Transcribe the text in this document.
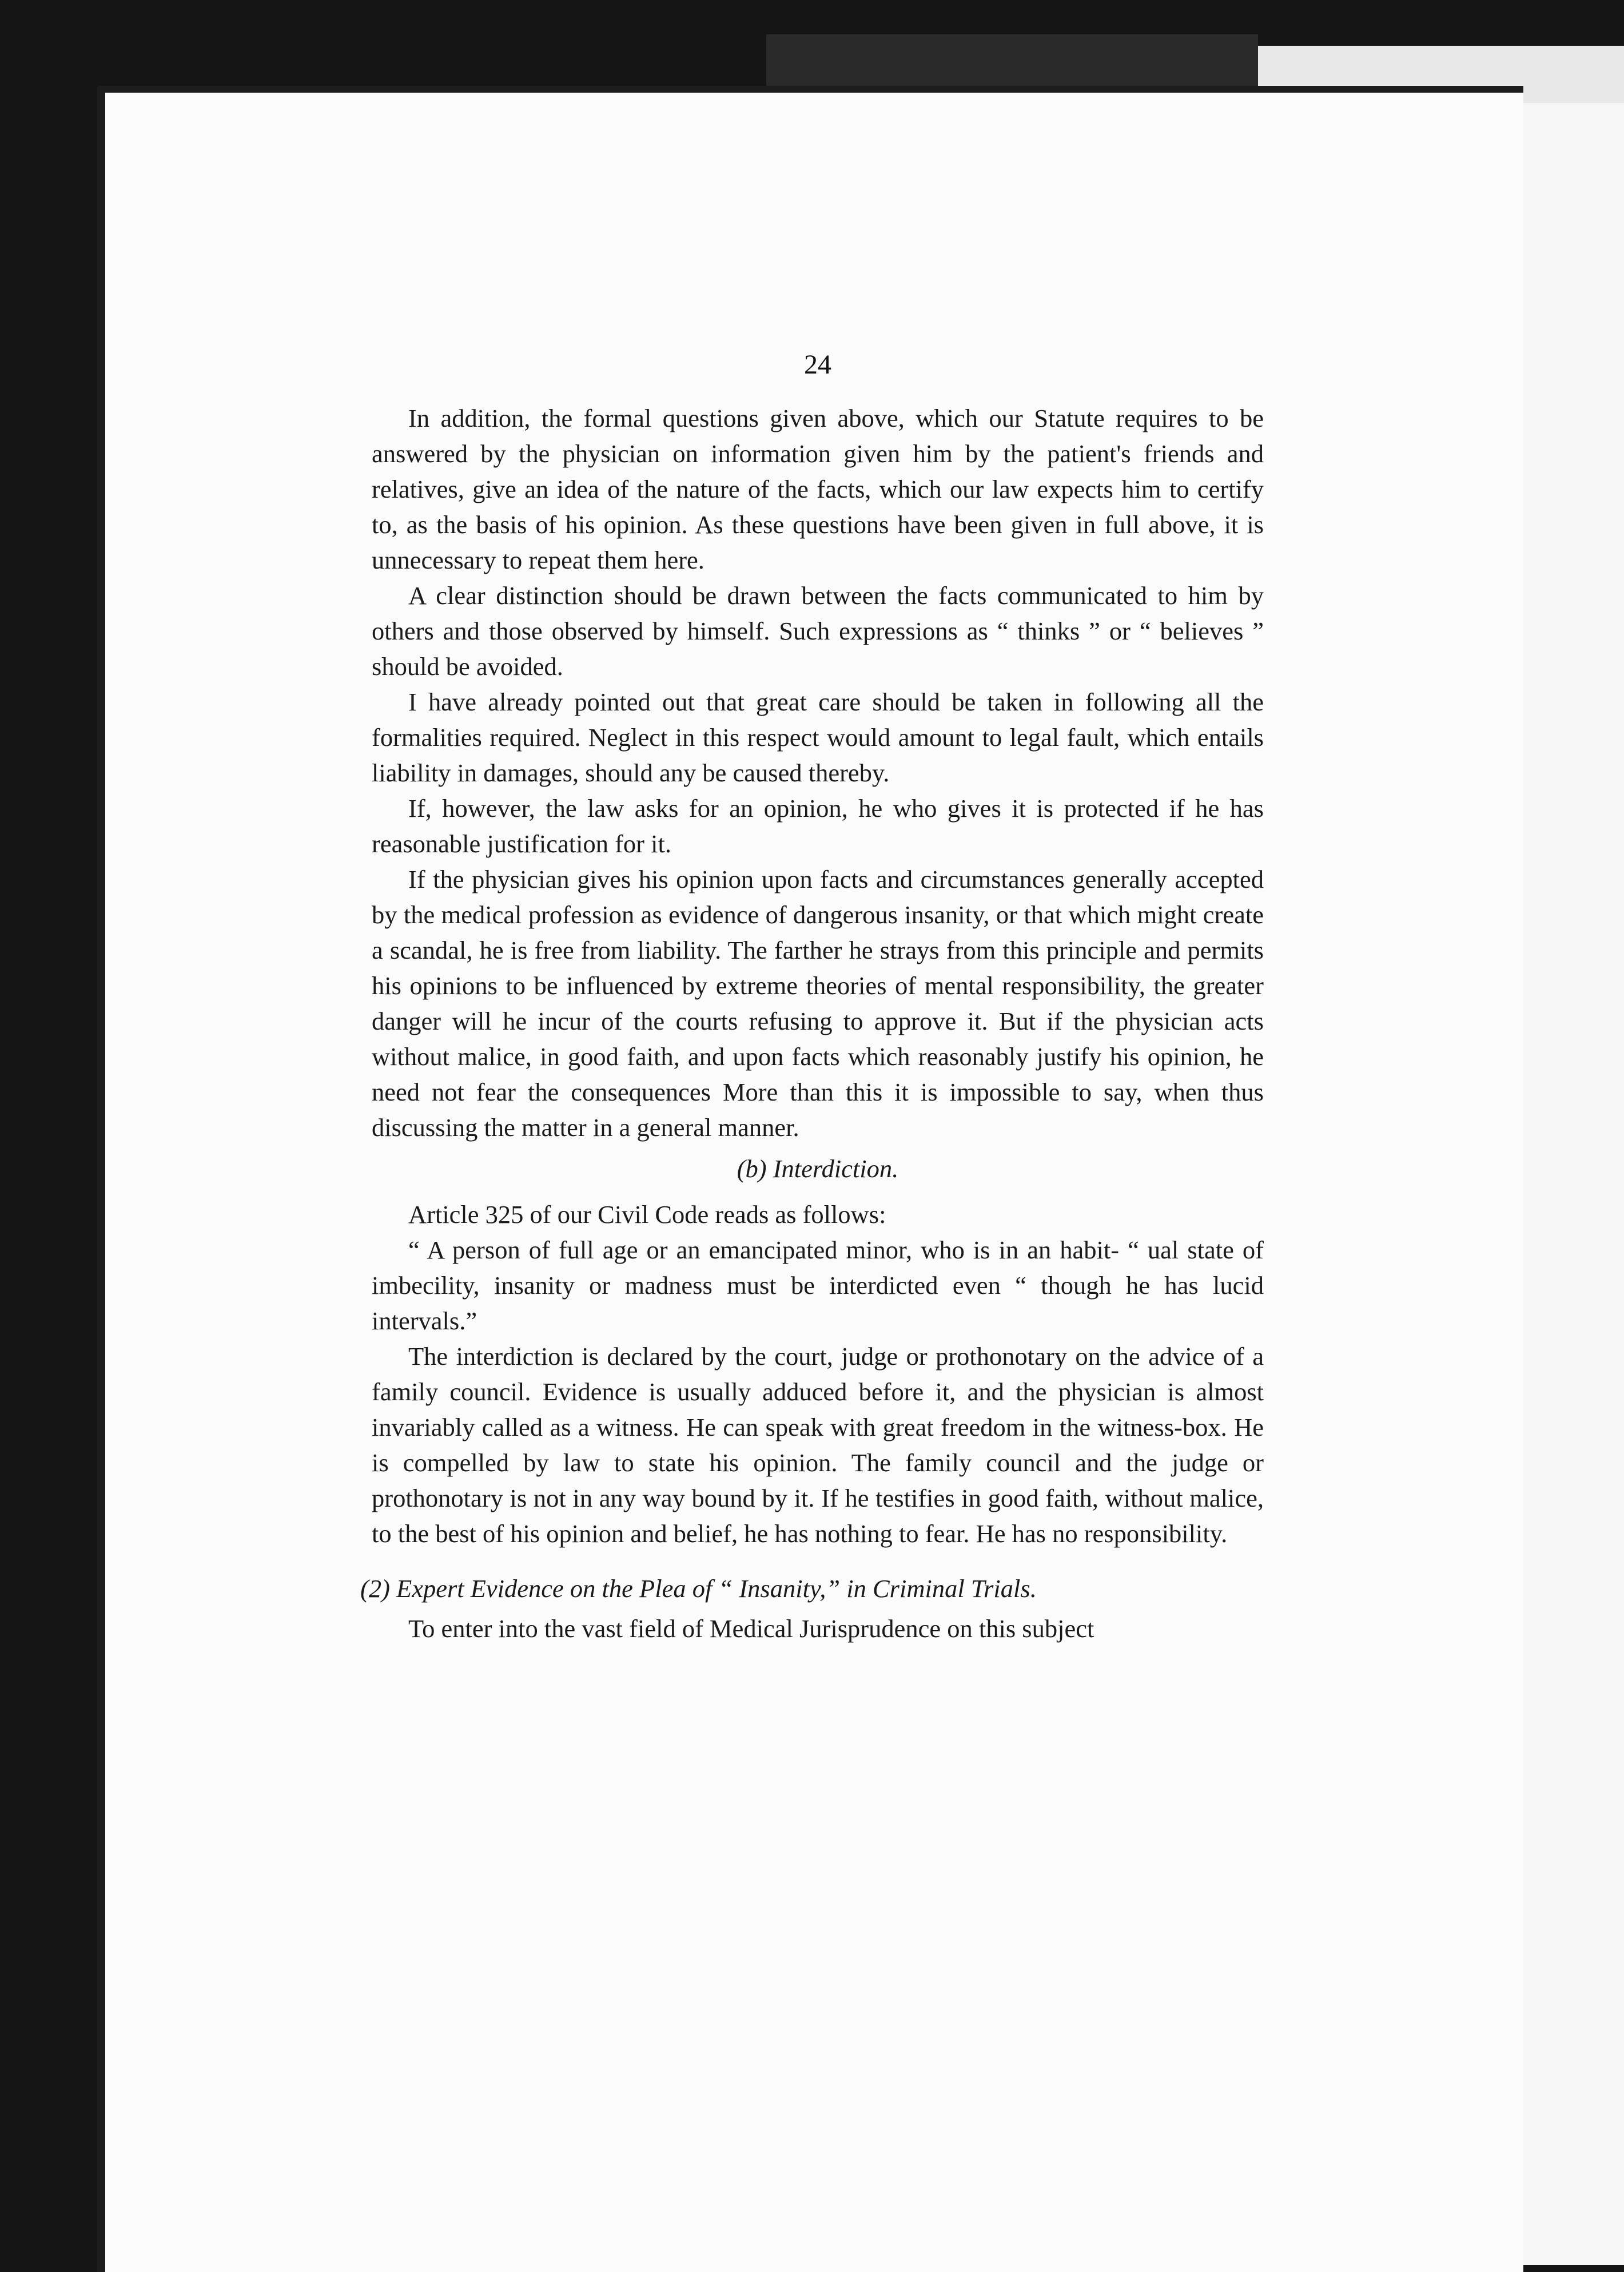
24

In addition, the formal questions given above, which our Statute requires to be answered by the physician on information given him by the patient's friends and relatives, give an idea of the nature of the facts, which our law expects him to certify to, as the basis of his opinion. As these questions have been given in full above, it is unnecessary to repeat them here.

A clear distinction should be drawn between the facts communicated to him by others and those observed by himself. Such expressions as “ thinks ” or “ believes ” should be avoided.

I have already pointed out that great care should be taken in following all the formalities required. Neglect in this respect would amount to legal fault, which entails liability in damages, should any be caused thereby.

If, however, the law asks for an opinion, he who gives it is protected if he has reasonable justification for it.

If the physician gives his opinion upon facts and circumstances generally accepted by the medical profession as evidence of dangerous insanity, or that which might create a scandal, he is free from liability. The farther he strays from this principle and permits his opinions to be influenced by extreme theories of mental responsibility, the greater danger will he incur of the courts refusing to approve it. But if the physician acts without malice, in good faith, and upon facts which reasonably justify his opinion, he need not fear the consequences More than this it is impossible to say, when thus discussing the matter in a general manner.

(b) Interdiction.

Article 325 of our Civil Code reads as follows:

“ A person of full age or an emancipated minor, who is in an habit- “ ual state of imbecility, insanity or madness must be interdicted even “ though he has lucid intervals.”

The interdiction is declared by the court, judge or prothonotary on the advice of a family council. Evidence is usually adduced before it, and the physician is almost invariably called as a witness. He can speak with great freedom in the witness-box. He is compelled by law to state his opinion. The family council and the judge or prothonotary is not in any way bound by it. If he testifies in good faith, without malice, to the best of his opinion and belief, he has nothing to fear. He has no responsibility.

(2) Expert Evidence on the Plea of “ Insanity,” in Criminal Trials.

To enter into the vast field of Medical Jurisprudence on this subject
